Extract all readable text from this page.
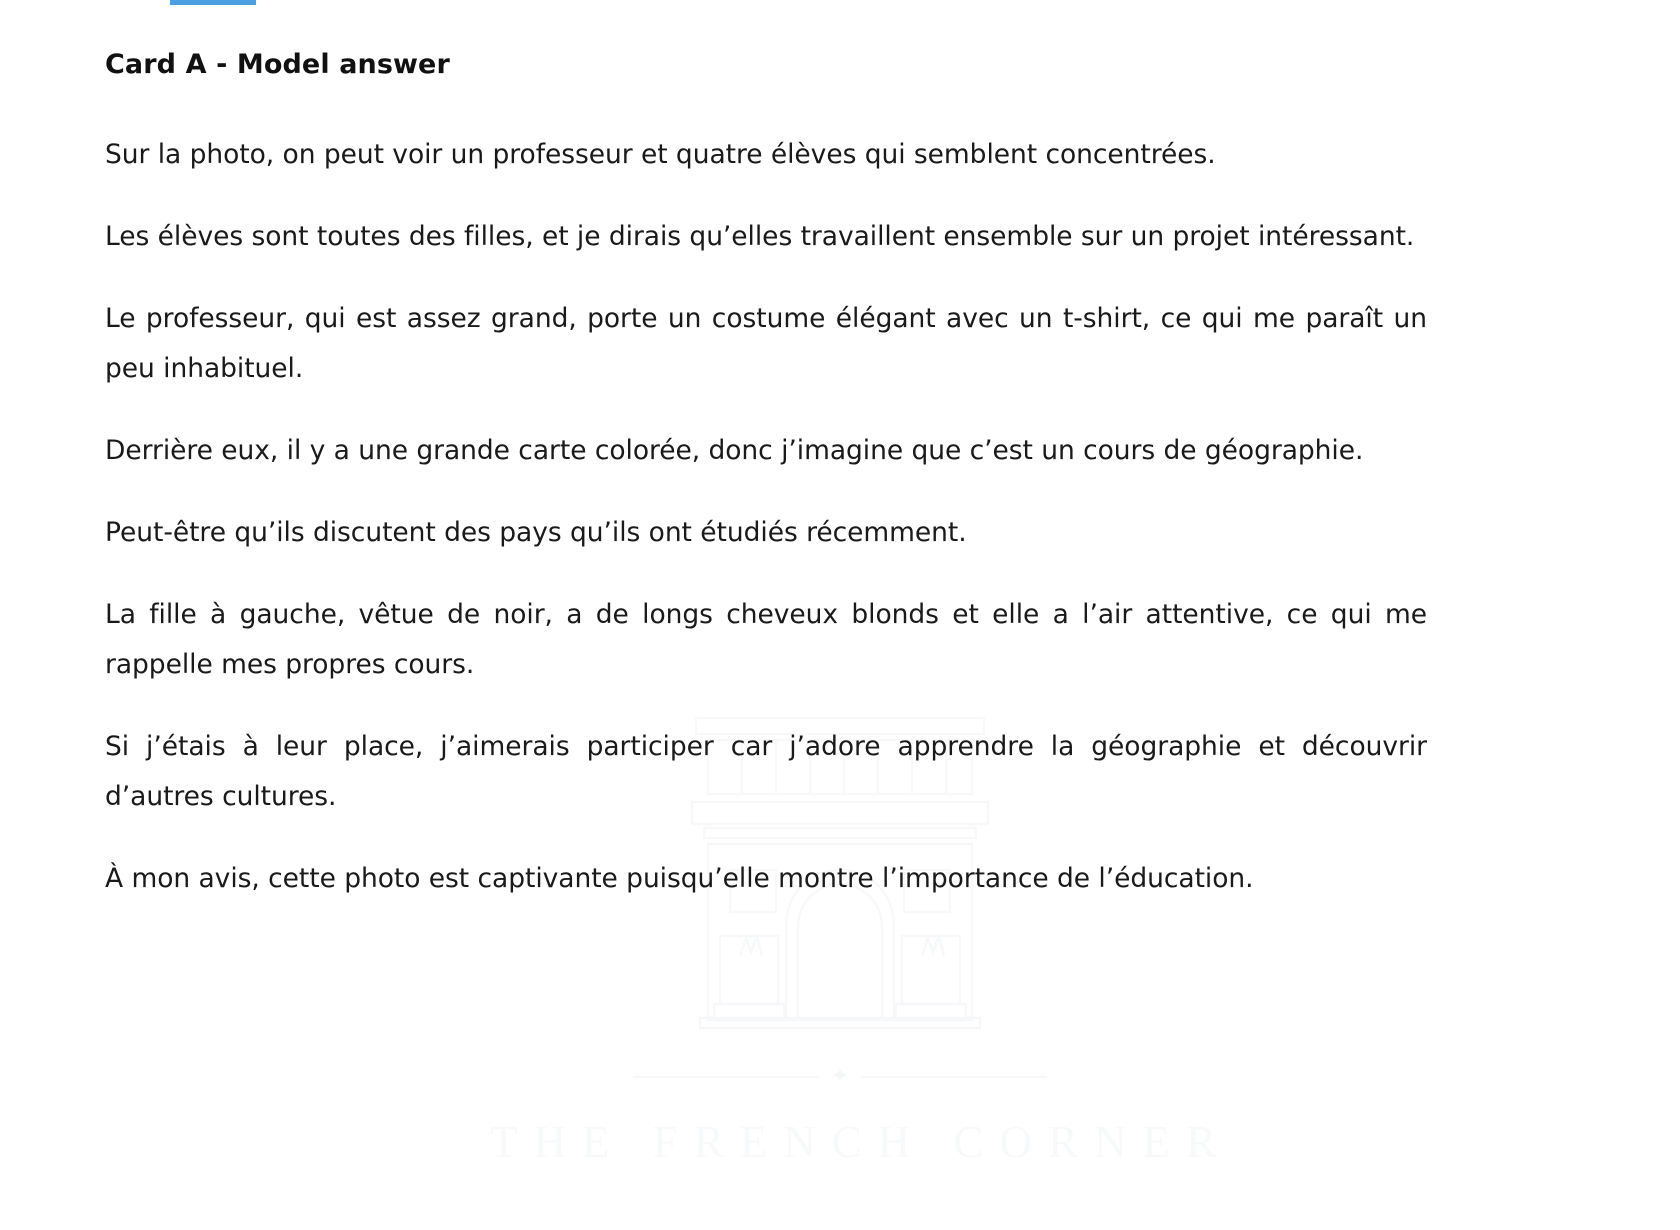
✦
THE FRENCH CORNER
Card A - Model answer

Sur la photo, on peut voir un professeur et quatre élèves qui semblent concentrées.

Les élèves sont toutes des filles, et je dirais qu’elles travaillent ensemble sur un projet intéressant.

Le professeur, qui est assez grand, porte un costume élégant avec un t-shirt, ce qui me paraît un peu inhabituel.

Derrière eux, il y a une grande carte colorée, donc j’imagine que c’est un cours de géographie.

Peut-être qu’ils discutent des pays qu’ils ont étudiés récemment.

La fille à gauche, vêtue de noir, a de longs cheveux blonds et elle a l’air attentive, ce qui me rappelle mes propres cours.

Si j’étais à leur place, j’aimerais participer car j’adore apprendre la géographie et découvrir d’autres cultures.

À mon avis, cette photo est captivante puisqu’elle montre l’importance de l’éducation.
